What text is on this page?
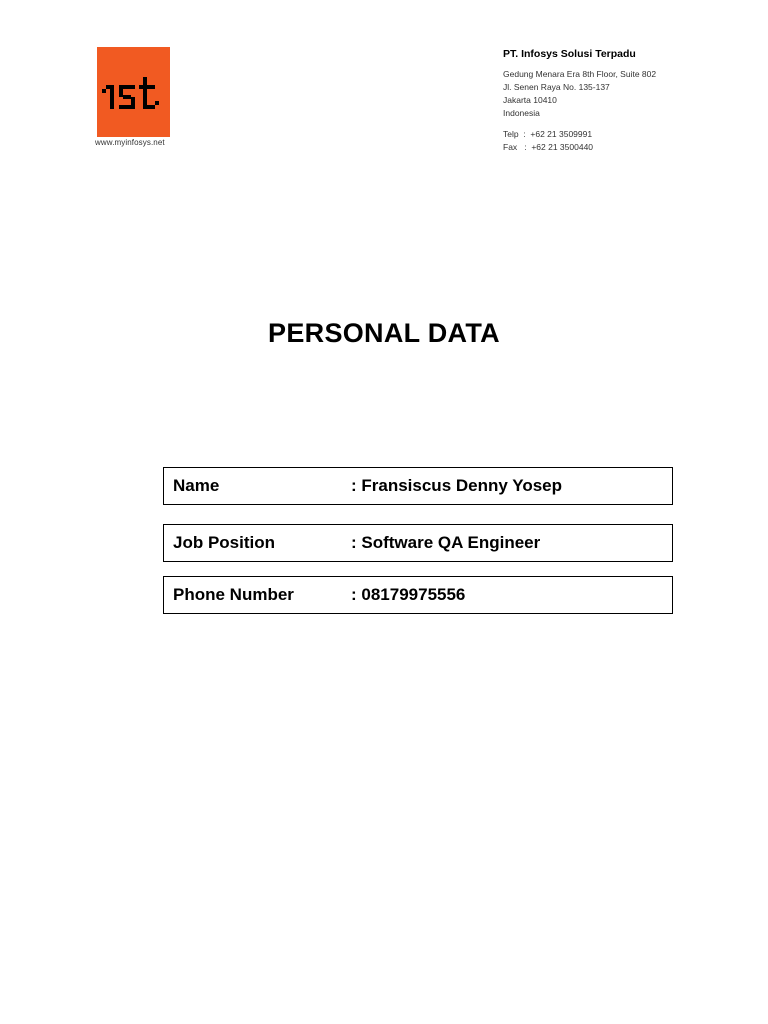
www.myinfosys.net
PT. Infosys Solusi Terpadu
Gedung Menara Era 8th Floor, Suite 802
Jl. Senen Raya No. 135-137
Jakarta 10410
Indonesia
Telp  :  +62 21 3509991
Fax   :  +62 21 3500440
PERSONAL DATA
Name	: Fransiscus Denny Yosep
Job Position	: Software QA Engineer
Phone Number	: 08179975556
